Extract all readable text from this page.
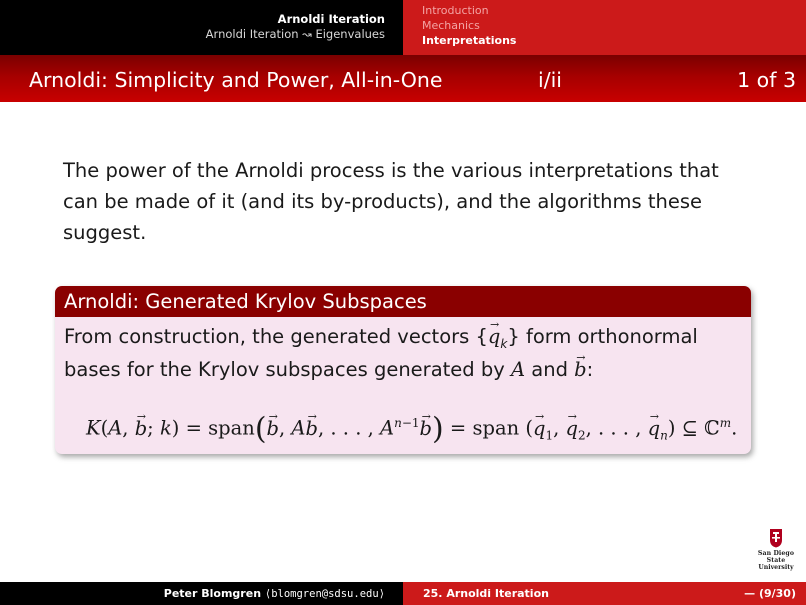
Arnoldi Iteration
Arnoldi Iteration ↝ Eigenvalues
Introduction
Mechanics
Interpretations
Arnoldi: Simplicity and Power, All-in-One	i/ii	1 of 3
The power of the Arnoldi process is the various interpretations that
can be made of it (and its by-products), and the algorithms these
suggest.
Arnoldi: Generated Krylov Subspaces
From construction, the generated vectors {→ $q_k$} form orthonormal
bases for the Krylov subspaces generated by A and → b:
K(A, → b; k) = span(→ b, A→ b, . . . , $A^{n-1}\to b$) = span (→ $q_1$, → $q_2$, . . . , → $q_n$) ⊆ ℂ$^m$.
San Diego State
University
Peter Blomgren ⟨blomgren@sdsu.edu⟩	25. Arnoldi Iteration	— (9/30)
